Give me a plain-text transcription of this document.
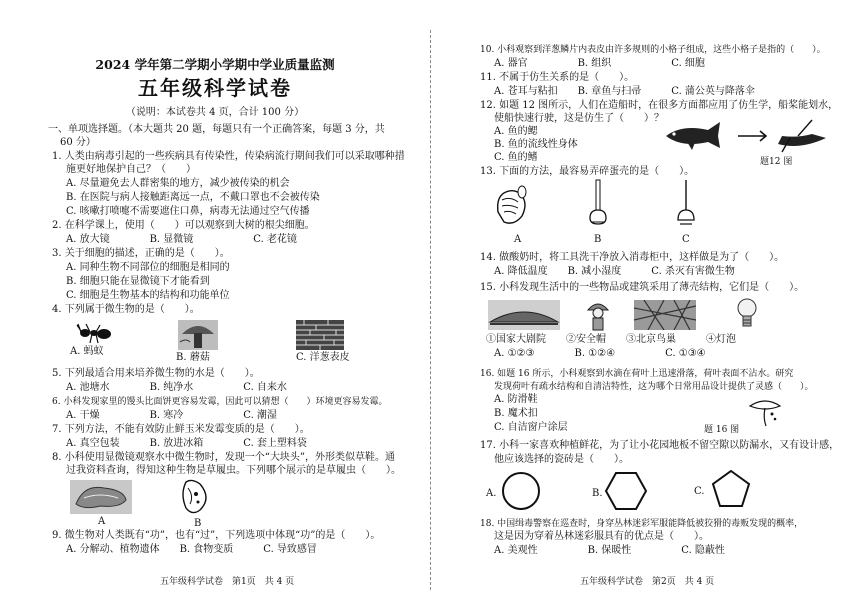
2024 学年第二学期小学期中学业质量监测
五年级科学试卷
（说明：本试卷共 4 页，合计 100 分）
一、单项选择题。（本大题共 20 题，每题只有一个正确答案，每题 3 分，共
60 分）
1. 人类由病毒引起的一些疾病具有传染性，传染病流行期间我们可以采取哪种措
施更好地保护自己？（　　）
A. 尽量避免去人群密集的地方，减少被传染的机会
B. 在医院与病人接触距离远一点，不戴口罩也不会被传染
C. 咳嗽打喷嚏不需要遮住口鼻，病毒无法通过空气传播
2. 在科学课上，使用（　　）可以观察到大树的根尖细胞。
A. 放大镜　　　　B. 显微镜　　　　　　C. 老花镜
3. 关于细胞的描述，正确的是（　　）。
A. 同种生物不同部位的细胞是相同的
B. 细胞只能在显微镜下才能看到
C. 细胞是生物基本的结构和功能单位
4. 下列属于微生物的是（　　）。
A. 蚂蚁
B. 蘑菇	C. 洋葱表皮
5. 下列最适合用来培养微生物的水是（　　）。
A. 池塘水　　　　B. 纯净水　　　　　C. 自来水
6. 小科发现家里的馒头比面饼更容易发霉，因此可以猜想（　　）环境更容易发霉。
A. 干燥　　　　　B. 寒冷　　　　　　C. 潮湿
7. 下列方法，不能有效防止鲜玉米发霉变质的是（　　）。
A. 真空包装　　　B. 放进冰箱　　　　C. 套上塑料袋
8. 小科使用显微镜观察水中微生物时，发现一个“大块头”，外形类似草鞋。通
过我资料查询，得知这种生物是草履虫。下列哪个展示的是草履虫（　　）。
A	B
9. 微生物对人类既有“功”，也有“过”，下列选项中体现“功”的是（　　）。
A. 分解动、植物遗体　　B. 食物变质　　　C. 导致感冒
五年级科学试卷　第1页　共 4 页
10. 小科观察到洋葱鳞片内表皮由许多规则的小格子组成，这些小格子是指的（　　）。
A. 器官　　　　　B. 组织　　　　　　C. 细胞
11. 不属于仿生关系的是（　　）。
A. 苍耳与粘扣　　B. 章鱼与扫帚　　　C. 蒲公英与降落伞
12. 如题 12 图所示，人们在造船时，在很多方面都应用了仿生学，船桨能划水，
使船快速行驶，这是仿生了（　　）？
A. 鱼的鳃
B. 鱼的流线性身体
C. 鱼的鳍	题12 图
13. 下面的方法，最容易弄碎蛋壳的是（　　）。
A	B	C
14. 做酸奶时，将工具洗干净放入消毒柜中，这样做是为了（　　）。
A. 降低温度　　B. 减小湿度　　　C. 杀灭有害微生物
15. 小科发现生活中的一些物品或建筑采用了薄壳结构，它们是（　　）。
①国家大剧院　　②安全帽　　③北京鸟巢　　　④灯泡
A. ①②③　　　　B. ①②④　　　　　C. ①③④
16. 如题 16 所示，小科观察到水滴在荷叶上迅速滑落，荷叶表面不沾水。研究
发现荷叶有疏水结构和自清洁特性，这为哪个日常用品设计提供了灵感（　　）。
A. 防滑鞋
B. 魔术扣
C. 自洁窗户涂层	题 16 图
17. 小科一家喜欢种植鲜花，为了让小花园地板不留空隙以防漏水，又有设计感，
他应该选择的瓷砖是（　　）。
A.	B.	C.
18. 中国缉毒警察在巡查时，身穿丛林迷彩军服能降低被狡猾的毒贩发现的概率，
这是因为穿着丛林迷彩服具有的优点是（　　）。
A. 美观性　　　　　B. 保暖性　　　　　C. 隐蔽性
五年级科学试卷　第2页　共 4 页
